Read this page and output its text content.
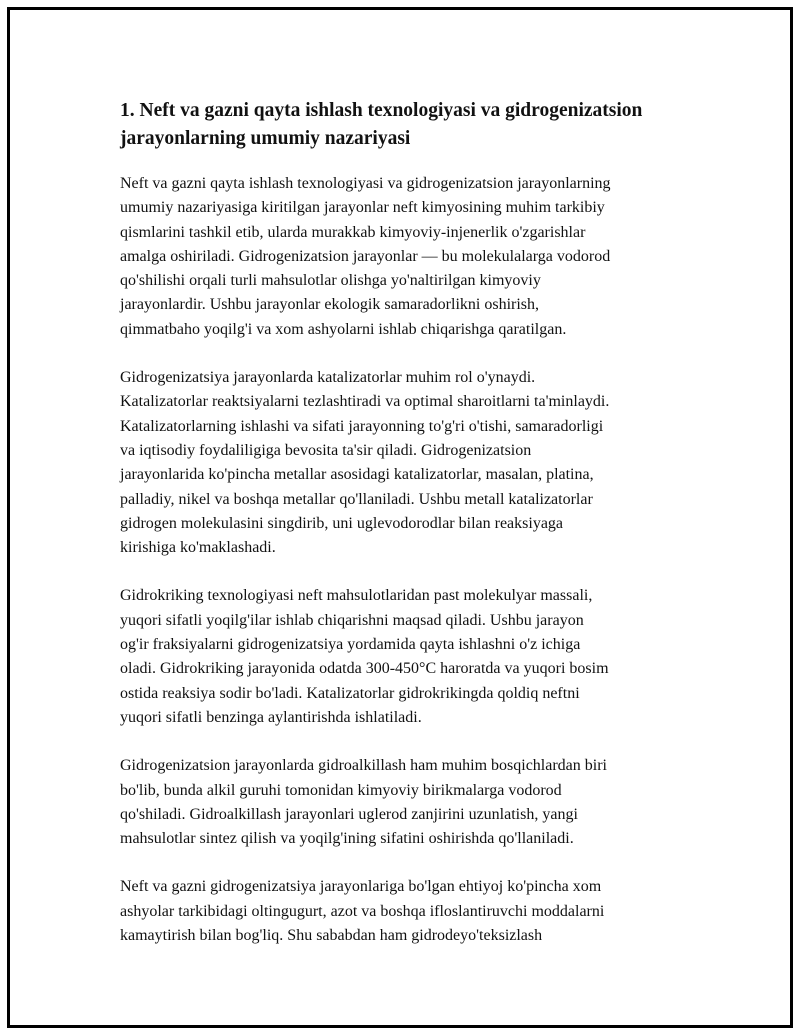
1. Neft va gazni qayta ishlash texnologiyasi va gidrogenizatsion
jarayonlarning umumiy nazariyasi

Neft va gazni qayta ishlash texnologiyasi va gidrogenizatsion jarayonlarning
umumiy nazariyasiga kiritilgan jarayonlar neft kimyosining muhim tarkibiy
qismlarini tashkil etib, ularda murakkab kimyoviy-injenerlik o'zgarishlar
amalga oshiriladi. Gidrogenizatsion jarayonlar — bu molekulalarga vodorod
qo'shilishi orqali turli mahsulotlar olishga yo'naltirilgan kimyoviy
jarayonlardir. Ushbu jarayonlar ekologik samaradorlikni oshirish,
qimmatbaho yoqilg'i va xom ashyolarni ishlab chiqarishga qaratilgan.

Gidrogenizatsiya jarayonlarda katalizatorlar muhim rol o'ynaydi.
Katalizatorlar reaktsiyalarni tezlashtiradi va optimal sharoitlarni ta'minlaydi.
Katalizatorlarning ishlashi va sifati jarayonning to'g'ri o'tishi, samaradorligi
va iqtisodiy foydaliligiga bevosita ta'sir qiladi. Gidrogenizatsion
jarayonlarida ko'pincha metallar asosidagi katalizatorlar, masalan, platina,
palladiy, nikel va boshqa metallar qo'llaniladi. Ushbu metall katalizatorlar
gidrogen molekulasini singdirib, uni uglevodorodlar bilan reaksiyaga
kirishiga ko'maklashadi.

Gidrokriking texnologiyasi neft mahsulotlaridan past molekulyar massali,
yuqori sifatli yoqilg'ilar ishlab chiqarishni maqsad qiladi. Ushbu jarayon
og'ir fraksiyalarni gidrogenizatsiya yordamida qayta ishlashni o'z ichiga
oladi. Gidrokriking jarayonida odatda 300-450°C haroratda va yuqori bosim
ostida reaksiya sodir bo'ladi. Katalizatorlar gidrokrikingda qoldiq neftni
yuqori sifatli benzinga aylantirishda ishlatiladi.

Gidrogenizatsion jarayonlarda gidroalkillash ham muhim bosqichlardan biri
bo'lib, bunda alkil guruhi tomonidan kimyoviy birikmalarga vodorod
qo'shiladi. Gidroalkillash jarayonlari uglerod zanjirini uzunlatish, yangi
mahsulotlar sintez qilish va yoqilg'ining sifatini oshirishda qo'llaniladi.

Neft va gazni gidrogenizatsiya jarayonlariga bo'lgan ehtiyoj ko'pincha xom
ashyolar tarkibidagi oltingugurt, azot va boshqa ifloslantiruvchi moddalarni
kamaytirish bilan bog'liq. Shu sababdan ham gidrodeyo'teksizlash
